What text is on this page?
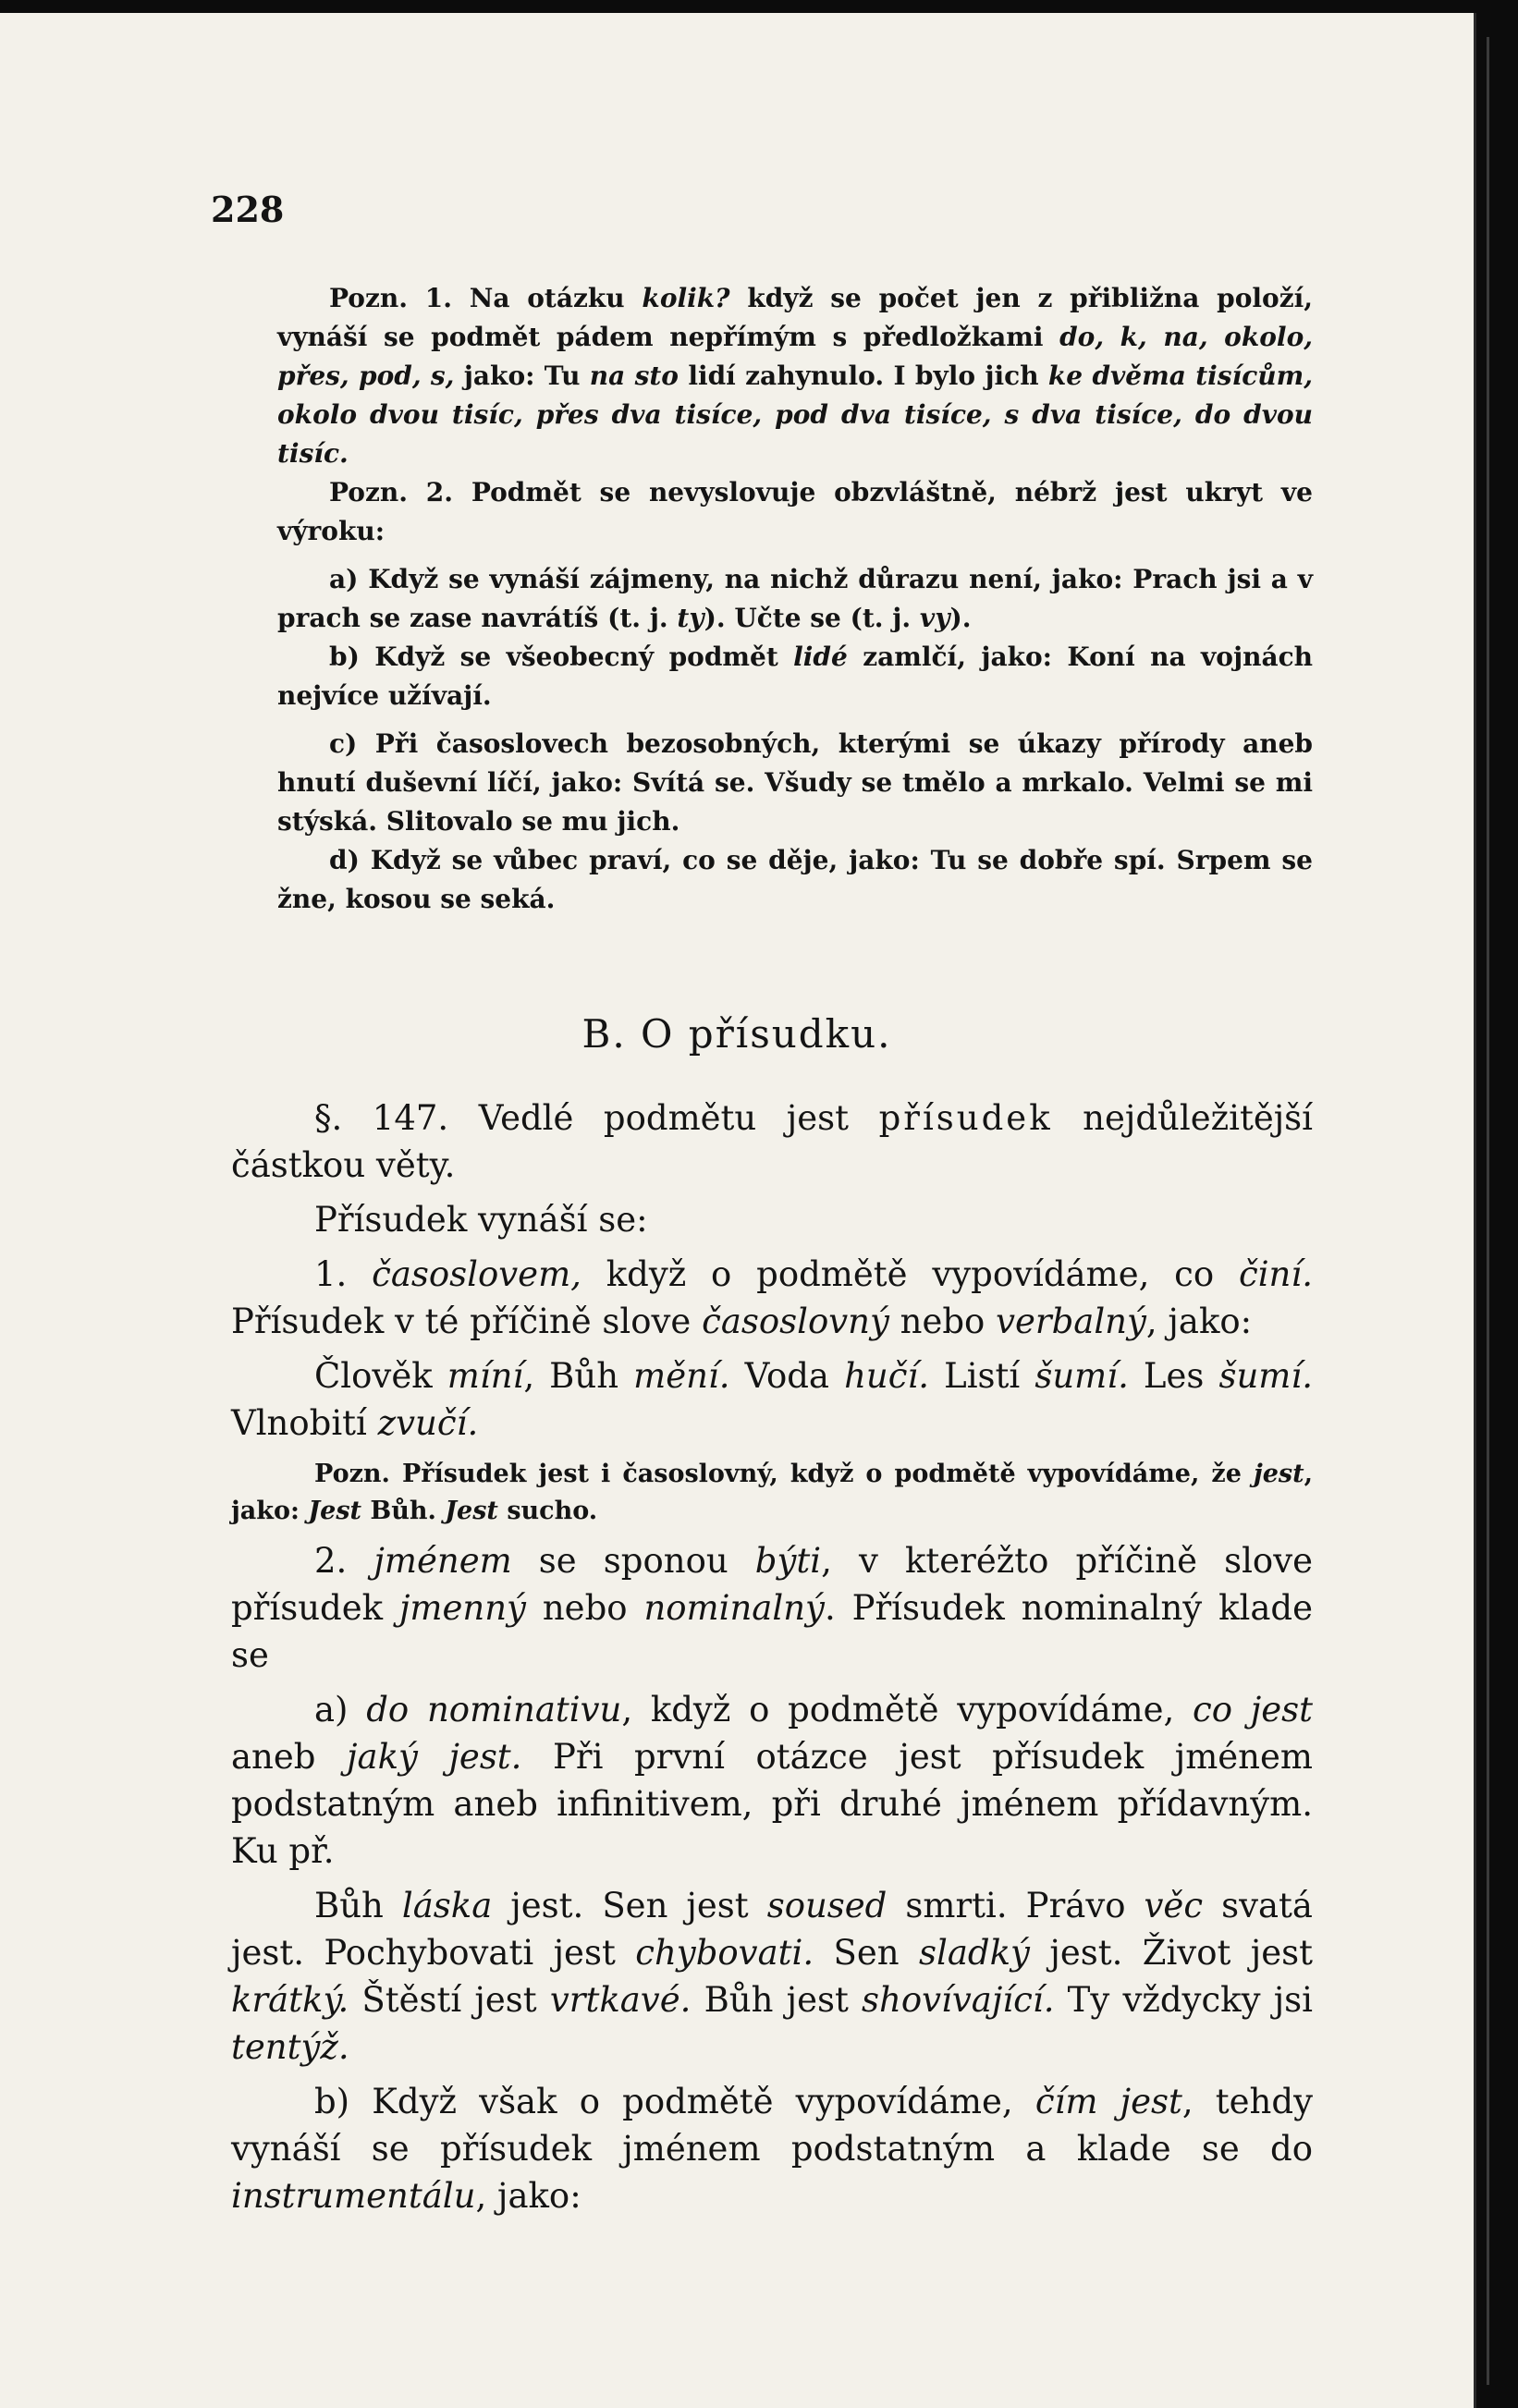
228

Pozn. 1. Na otázku kolik? když se počet jen z přibližna položí, vynáší se podmět pádem nepřímým s předložkami do, k, na, okolo, přes, pod, s, jako: Tu na sto lidí zahynulo. I bylo jich ke dvěma tisícům, okolo dvou tisíc, přes dva tisíce, pod dva tisíce, s dva tisíce, do dvou tisíc.

Pozn. 2. Podmět se nevyslovuje obzvláštně, nébrž jest ukryt ve výroku:

a) Když se vynáší zájmeny, na nichž důrazu není, jako: Prach jsi a v prach se zase navrátíš (t. j. ty). Učte se (t. j. vy).

b) Když se všeobecný podmět lidé zamlčí, jako: Koní na vojnách nejvíce užívají.

c) Při časoslovech bezosobných, kterými se úkazy přírody aneb hnutí duševní líčí, jako: Svítá se. Všudy se tmělo a mrkalo. Velmi se mi stýská. Slitovalo se mu jich.

d) Když se vůbec praví, co se děje, jako: Tu se dobře spí. Srpem se žne, kosou se seká.

B. O přísudku.

§. 147. Vedlé podmětu jest přísudek nejdůležitější částkou věty.

Přísudek vynáší se:

1. časoslovem, když o podmětě vypovídáme, co činí. Přísudek v té příčině slove časoslovný nebo verbalný, jako:

Člověk míní, Bůh mění. Voda hučí. Listí šumí. Les šumí. Vlnobití zvučí.

Pozn. Přísudek jest i časoslovný, když o podmětě vypovídáme, že jest, jako: Jest Bůh. Jest sucho.

2. jménem se sponou býti, v kteréžto příčině slove přísudek jmenný nebo nominalný. Přísudek nominalný klade se

a) do nominativu, když o podmětě vypovídáme, co jest aneb jaký jest. Při první otázce jest přísudek jménem podstatným aneb infinitivem, při druhé jménem přídavným. Ku př.

Bůh láska jest. Sen jest soused smrti. Právo věc svatá jest. Pochybovati jest chybovati. Sen sladký jest. Život jest krátký. Štěstí jest vrtkavé. Bůh jest shovívající. Ty vždycky jsi tentýž.

b) Když však o podmětě vypovídáme, čím jest, tehdy vynáší se přísudek jménem podstatným a klade se do instrumentálu, jako:
